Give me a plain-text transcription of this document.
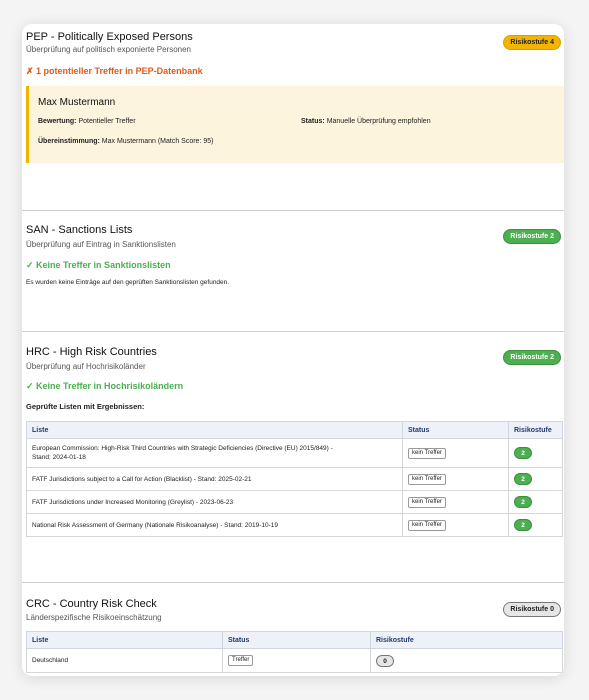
PEP - Politically Exposed Persons
Überprüfung auf politisch exponierte Personen
Risikostufe 4
✗ 1 potentieller Treffer in PEP-Datenbank
Max Mustermann
Bewertung: Potentieller Treffer	Status: Manuelle Überprüfung empfohlen
Übereinstimmung: Max Mustermann (Match Score: 95)
SAN - Sanctions Lists
Überprüfung auf Eintrag in Sanktionslisten
Risikostufe 2
✓ Keine Treffer in Sanktionslisten
Es wurden keine Einträge auf den geprüften Sanktionslisten gefunden.
HRC - High Risk Countries
Überprüfung auf Hochrisikoländer
Risikostufe 2
✓ Keine Treffer in Hochrisikoländern
Geprüfte Listen mit Ergebnissen:
Liste	Status	Risikostufe

European Commission: High-Risk Third Countries with Strategic Deficiencies (Directive (EU) 2015/849) -
Stand: 2024-01-18	kein Treffer	2
FATF Jurisdictions subject to a Call for Action (Blacklist) - Stand: 2025-02-21	kein Treffer	2
FATF Jurisdictions under Increased Monitoring (Greylist) - 2023-06-23	kein Treffer	2
National Risk Assessment of Germany (Nationale Risikoanalyse) - Stand: 2019-10-19	kein Treffer	2
CRC - Country Risk Check
Länderspezifische Risikoeinschätzung
Risikostufe 0
Liste	Status	Risikostufe
Deutschland	Treffer	0
